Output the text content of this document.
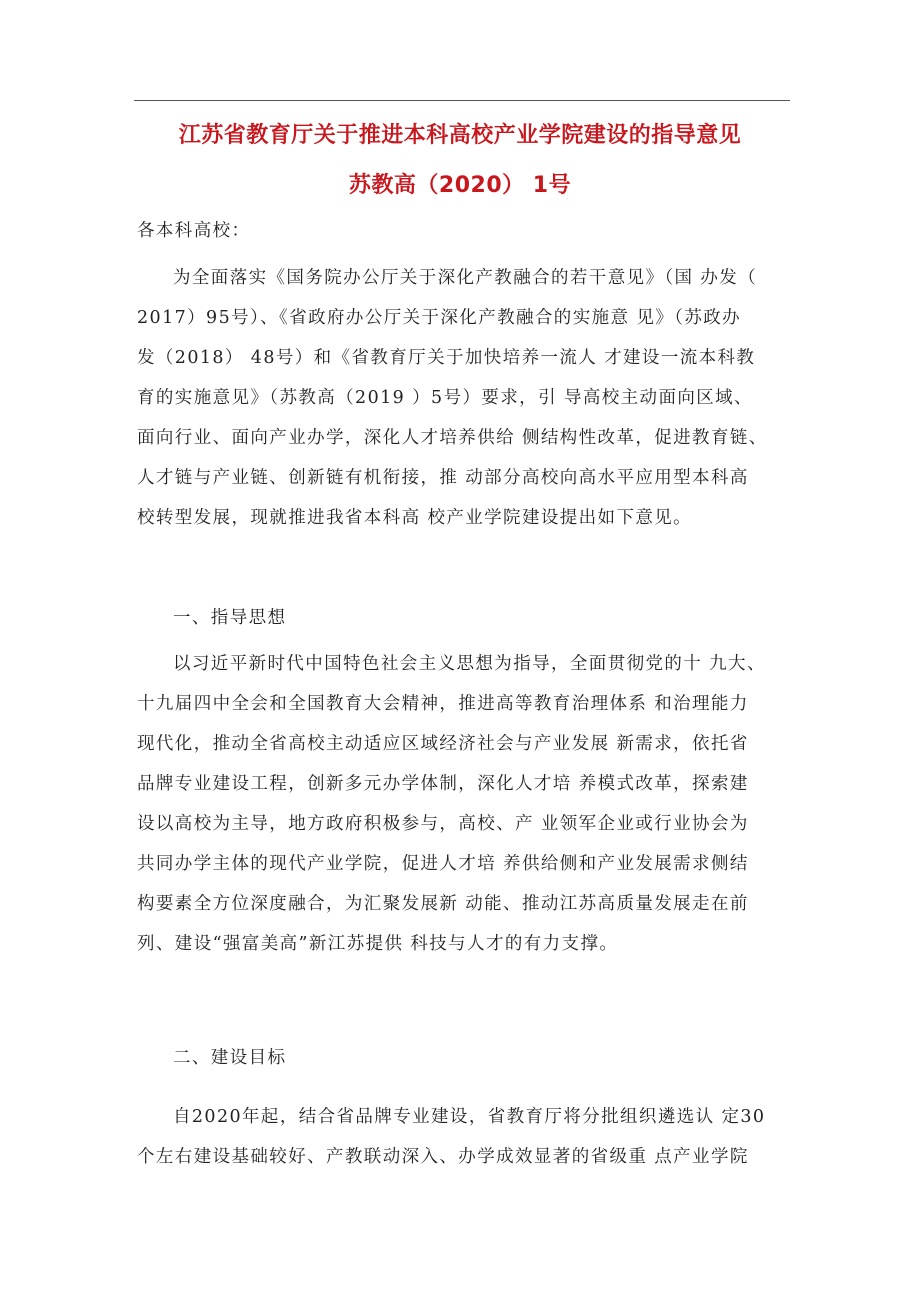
江苏省教育厅关于推进本科高校产业学院建设的指导意见
苏教高（2020） 1号

各本科高校：

为全面落实《国务院办公厅关于深化产教融合的若干意见》（国 办发（
2017）95号）、《省政府办公厅关于深化产教融合的实施意 见》（苏政办
发（2018） 48号）和《省教育厅关于加快培养一流人 才建设一流本科教
育的实施意见》（苏教高（2019 ）5号）要求，引 导高校主动面向区域、
面向行业、面向产业办学，深化人才培养供给 侧结构性改革，促进教育链、
人才链与产业链、创新链有机衔接，推 动部分高校向高水平应用型本科高
校转型发展，现就推进我省本科高 校产业学院建设提出如下意见。

一、指导思想

以习近平新时代中国特色社会主义思想为指导，全面贯彻党的十 九大、
十九届四中全会和全国教育大会精神，推进高等教育治理体系 和治理能力
现代化，推动全省高校主动适应区域经济社会与产业发展 新需求，依托省
品牌专业建设工程，创新多元办学体制，深化人才培 养模式改革，探索建
设以高校为主导，地方政府积极参与，高校、产 业领军企业或行业协会为
共同办学主体的现代产业学院，促进人才培 养供给侧和产业发展需求侧结
构要素全方位深度融合，为汇聚发展新 动能、推动江苏高质量发展走在前
列、建设“强富美高”新江苏提供 科技与人才的有力支撑。

二、建设目标

自2020年起，结合省品牌专业建设，省教育厅将分批组织遴选认 定30
个左右建设基础较好、产教联动深入、办学成效显著的省级重 点产业学院
